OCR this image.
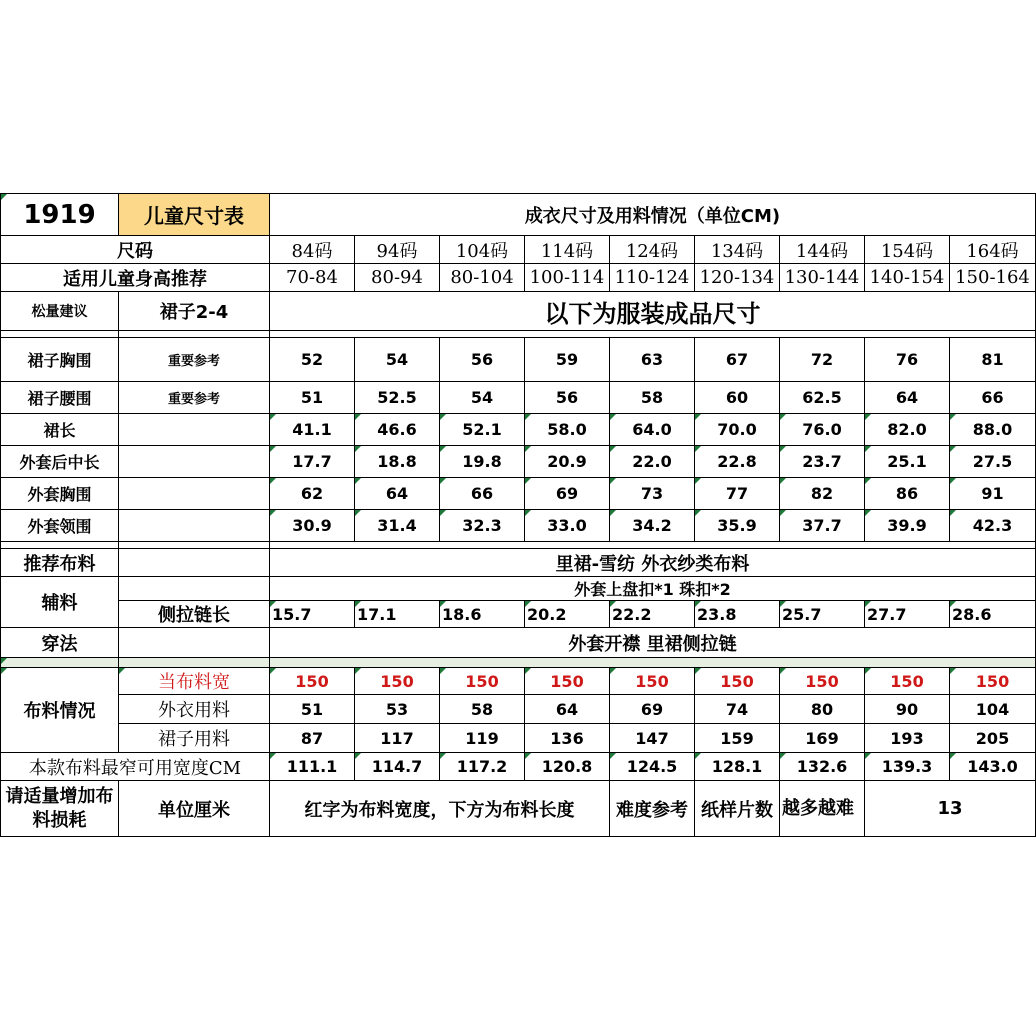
1919	儿童尺寸表	成衣尺寸及用料情况（单位CM)								
尺码		84码	94码	104码	114码	124码	134码	144码	154码	164码
适用儿童身高推荐		70-84	80-94	80-104	100-114	110-124	120-134	130-144	140-154	150-164
松量建议	裙子2-4	以下为服装成品尺寸								

裙子胸围	重要参考	52	54	56	59	63	67	72	76	81
裙子腰围	重要参考	51	52.5	54	56	58	60	62.5	64	66
裙长		41.1	46.6	52.1	58.0	64.0	70.0	76.0	82.0	88.0
外套后中长		17.7	18.8	19.8	20.9	22.0	22.8	23.7	25.1	27.5
外套胸围		62	64	66	69	73	77	82	86	91
外套领围		30.9	31.4	32.3	33.0	34.2	35.9	37.7	39.9	42.3

推荐布料		里裙-雪纺 外衣纱类布料								
辅料		外套上盘扣*1 珠扣*2								
	侧拉链长	15.7	17.1	18.6	20.2	22.2	23.8	25.7	27.7	28.6
穿法		外套开襟 里裙侧拉链								

布料情况	当布料宽	150	150	150	150	150	150	150	150	150
	外衣用料	51	53	58	64	69	74	80	90	104
	裙子用料	87	117	119	136	147	159	169	193	205
本款布料最窄可用宽度CM		111.1	114.7	117.2	120.8	124.5	128.1	132.6	139.3	143.0
请适量增加布料损耗	单位厘米	红字为布料宽度，下方为布料长度				难度参考	纸样片数	越多越难	13	
